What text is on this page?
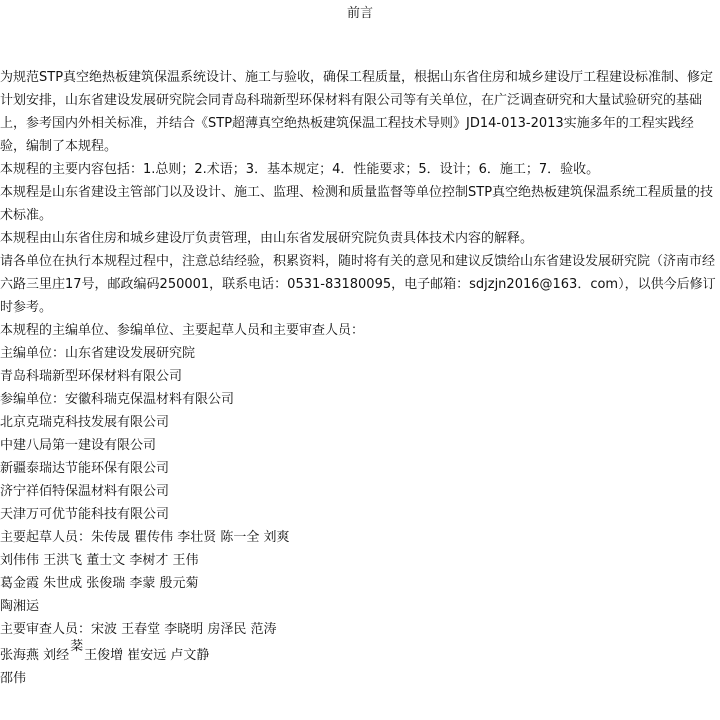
前言

为规范STP真空绝热板建筑保温系统设计、施工与验收，确保工程质量，根据山东省住房和城乡建设厅工程建设标准制、修定计划安排，山东省建设发展研究院会同青岛科瑞新型环保材料有限公司等有关单位，在广泛调查研究和大量试验研究的基础上，参考国内外相关标准，并结合《STP超薄真空绝热板建筑保温工程技术导则》JD14-013-2013实施多年的工程实践经验，编制了本规程。

本规程的主要内容包括：1.总则；2.术语；3．基本规定；4．性能要求；5．设计；6．施工；7．验收。

本规程是山东省建设主管部门以及设计、施工、监理、检测和质量监督等单位控制STP真空绝热板建筑保温系统工程质量的技术标准。

本规程由山东省住房和城乡建设厅负责管理，由山东省发展研究院负责具体技术内容的解释。

请各单位在执行本规程过程中，注意总结经验，积累资料，随时将有关的意见和建议反馈给山东省建设发展研究院（济南市经六路三里庄17号，邮政编码250001，联系电话：0531-83180095，电子邮箱：sdjzjn2016@163．com），以供今后修订时参考。

本规程的主编单位、参编单位、主要起草人员和主要审查人员：

主编单位：山东省建设发展研究院

青岛科瑞新型环保材料有限公司

参编单位：安徽科瑞克保温材料有限公司

北京克瑞克科技发展有限公司

中建八局第一建设有限公司

新疆泰瑞达节能环保有限公司

济宁祥佰特保温材料有限公司

天津万可优节能科技有限公司

主要起草人员：朱传晟 瞿传伟 李壮贤 陈一全 刘爽

刘伟伟 王洪飞 董士文 李树才 王伟

葛金霞 朱世成 张俊瑞 李蒙 殷元菊

陶湘运

主要审查人员：宋波 王春堂 李晓明 房泽民 范涛

张海燕 刘经棻王俊增 崔安远 卢文静

邵伟
